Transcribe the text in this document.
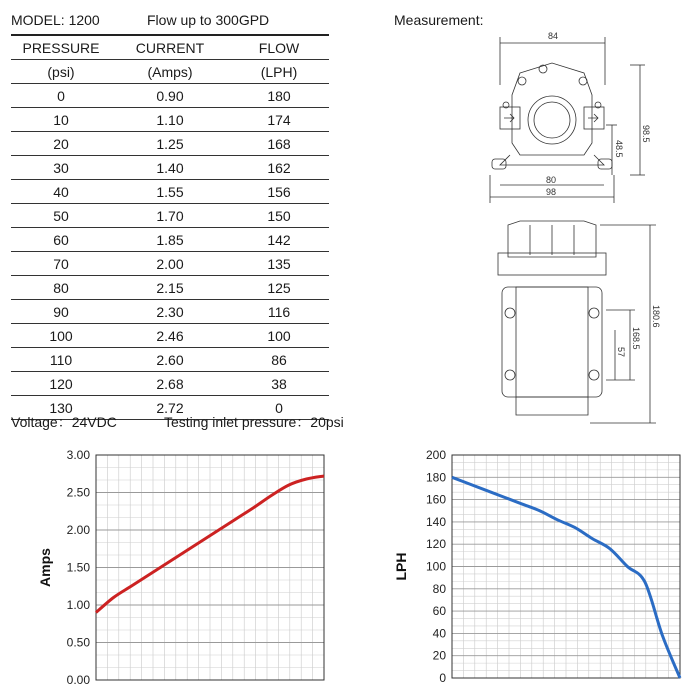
MODEL: 1200	Flow up to 300GPD	Measurement:
PRESSURE	CURRENT	FLOW
(psi)	(Amps)	(LPH)
0	0.90	180
10	1.10	174
20	1.25	168
30	1.40	162
40	1.55	156
50	1.70	150
60	1.85	142
70	2.00	135
80	2.15	125
90	2.30	116
100	2.46	100
110	2.60	86
120	2.68	38
130	2.72	0
Voltage：24VDC	Testing inlet pressure：20psi
84
98.5
48.5
80
98
180.6
168.5
57
0.00
0.50
1.00
1.50
2.00
2.50
3.00
Amps
0
20
40
60
80
100
120
140
160
180
200
LPH
